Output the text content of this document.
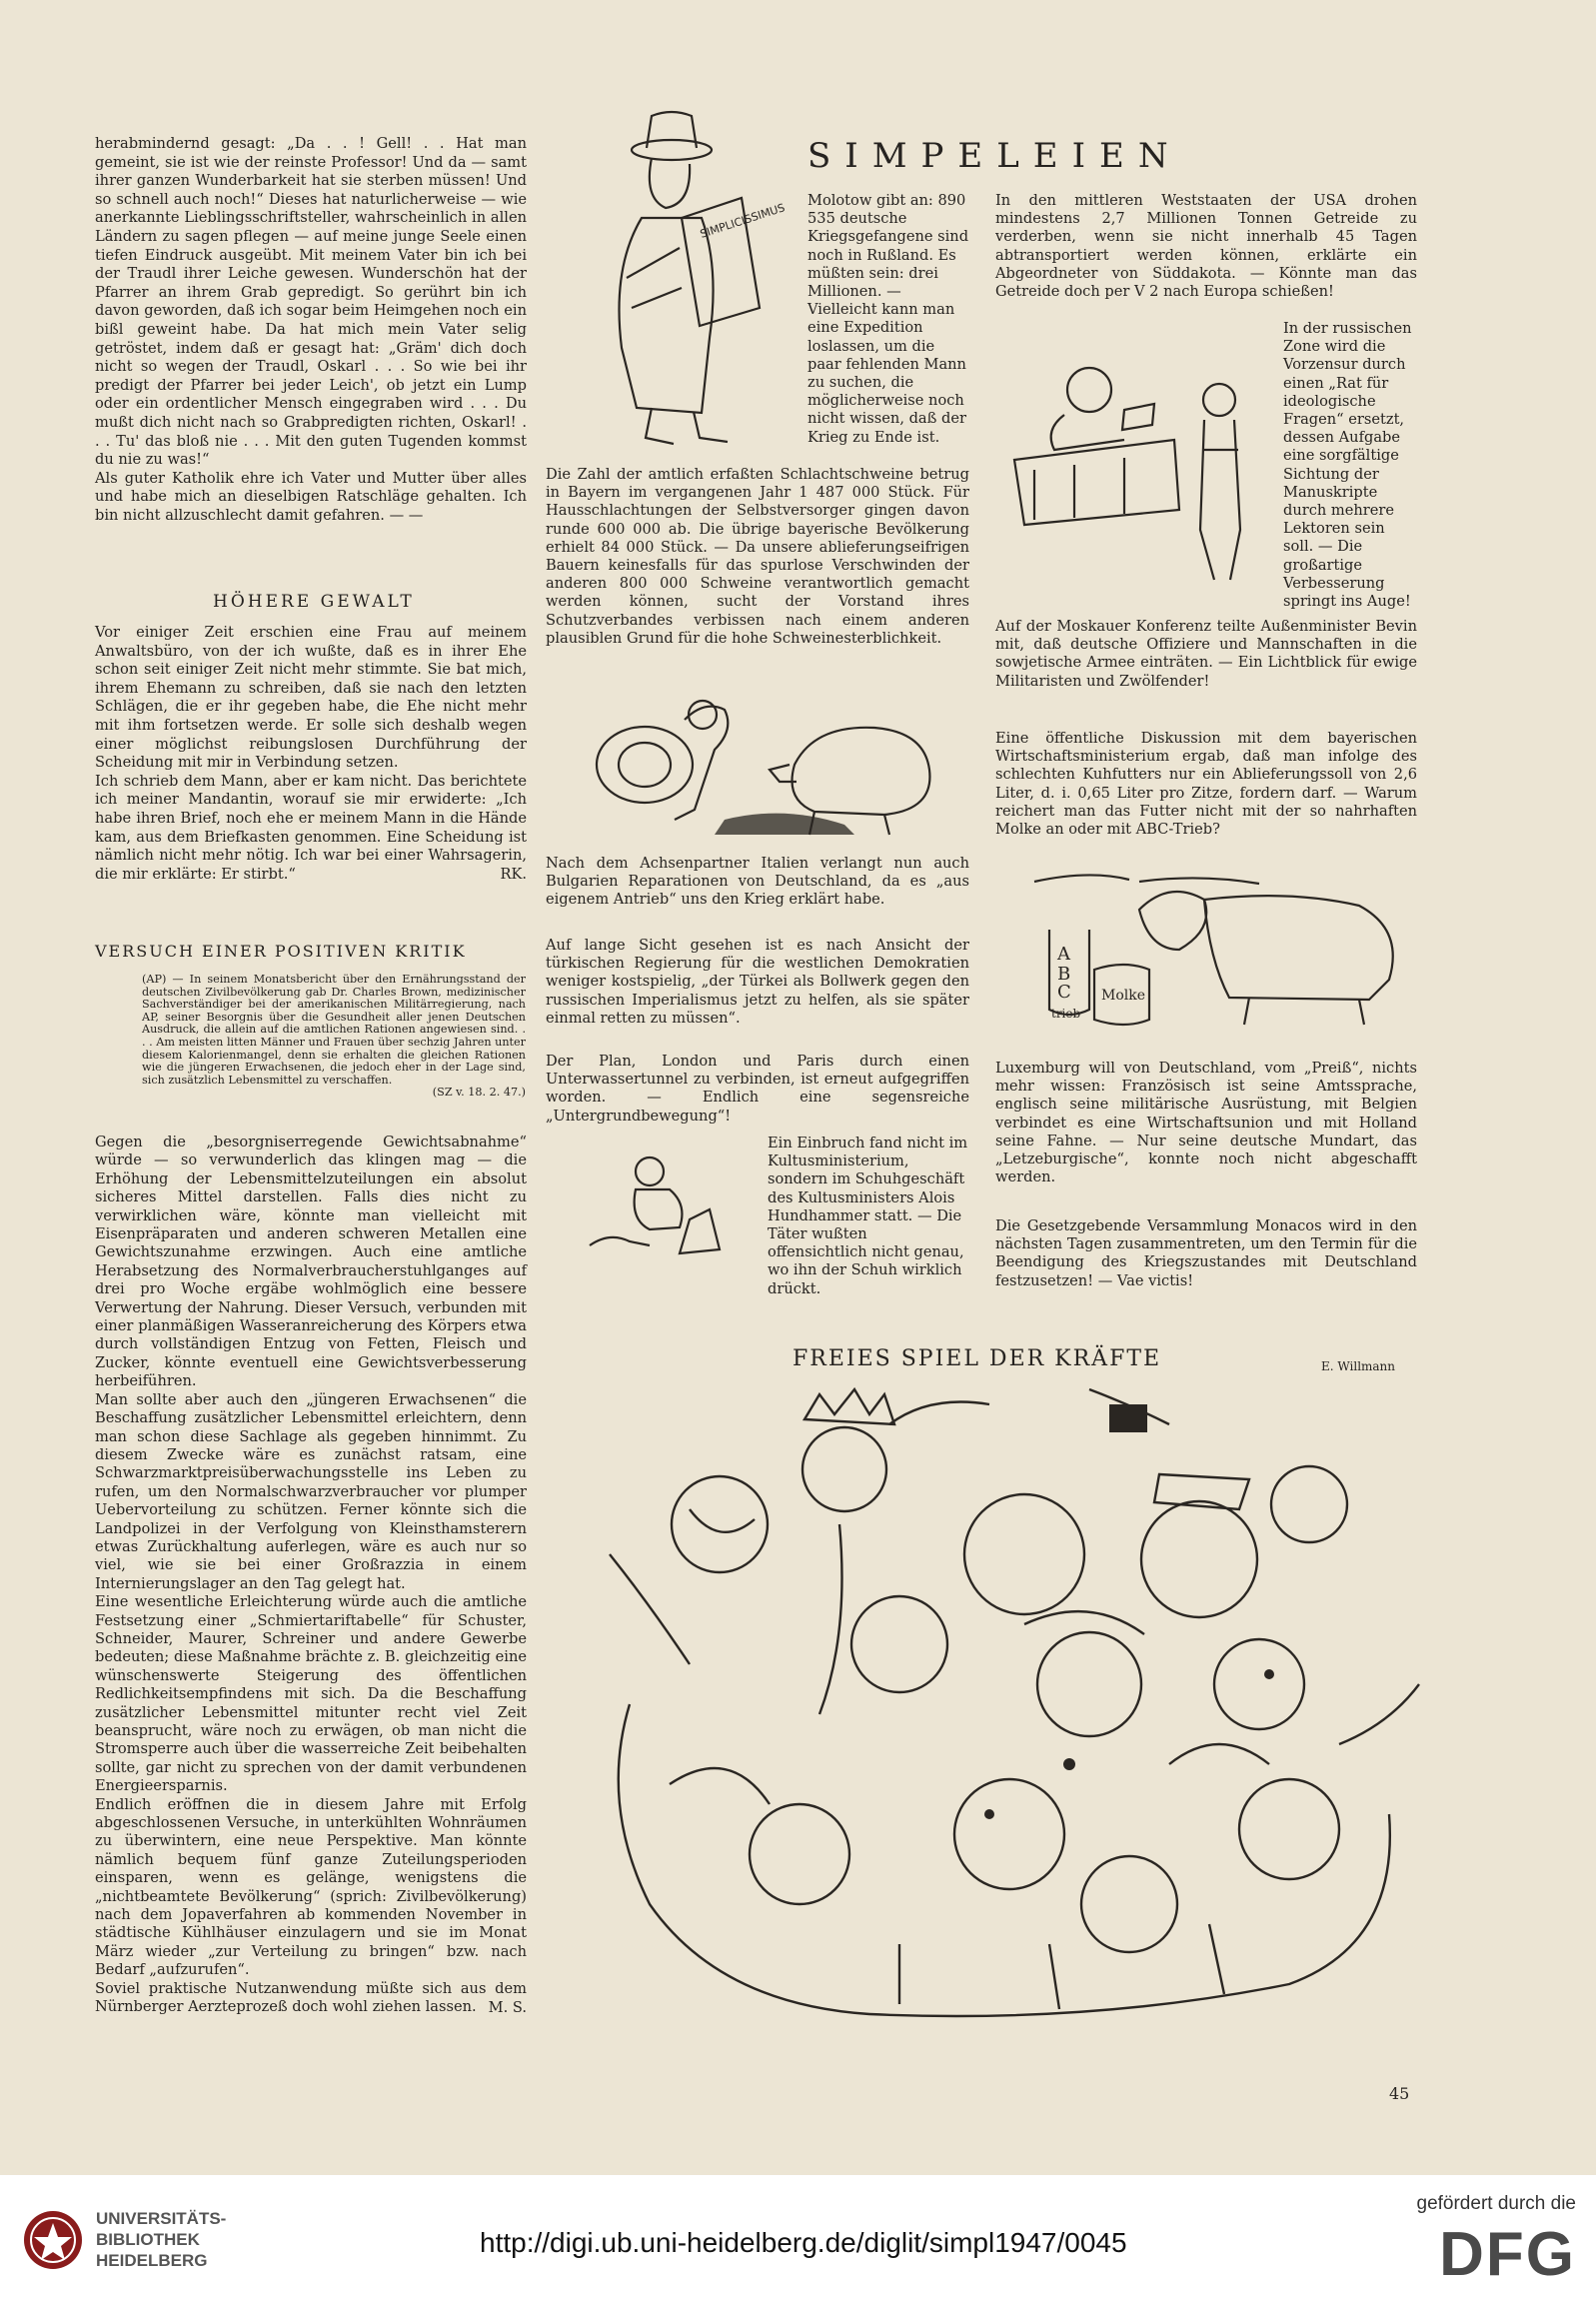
herabmindernd gesagt: „Da . . ! Gell! . . Hat man gemeint, sie ist wie der reinste Professor! Und da — samt ihrer ganzen Wunderbarkeit hat sie sterben müssen! Und so schnell auch noch!“ Dieses hat naturlicherweise — wie anerkannte Lieblingsschriftsteller, wahrscheinlich in allen Ländern zu sagen pflegen — auf meine junge Seele einen tiefen Eindruck ausgeübt. Mit meinem Vater bin ich bei der Traudl ihrer Leiche gewesen. Wunderschön hat der Pfarrer an ihrem Grab gepredigt. So gerührt bin ich davon geworden, daß ich sogar beim Heimgehen noch ein bißl geweint habe. Da hat mich mein Vater selig getröstet, indem daß er gesagt hat: „Gräm' dich doch nicht so wegen der Traudl, Oskarl . . . So wie bei ihr predigt der Pfarrer bei jeder Leich', ob jetzt ein Lump oder ein ordentlicher Mensch eingegraben wird . . . Du mußt dich nicht nach so Grabpredigten richten, Oskarl! . . . Tu' das bloß nie . . . Mit den guten Tugenden kommst du nie zu was!“

Als guter Katholik ehre ich Vater und Mutter über alles und habe mich an dieselbigen Ratschläge gehalten. Ich bin nicht allzuschlecht damit gefahren. — —

HÖHERE GEWALT

Vor einiger Zeit erschien eine Frau auf meinem Anwaltsbüro, von der ich wußte, daß es in ihrer Ehe schon seit einiger Zeit nicht mehr stimmte. Sie bat mich, ihrem Ehemann zu schreiben, daß sie nach den letzten Schlägen, die er ihr gegeben habe, die Ehe nicht mehr mit ihm fortsetzen werde. Er solle sich deshalb wegen einer möglichst reibungslosen Durchführung der Scheidung mit mir in Verbindung setzen.

Ich schrieb dem Mann, aber er kam nicht. Das berichtete ich meiner Mandantin, worauf sie mir erwiderte: „Ich habe ihren Brief, noch ehe er meinem Mann in die Hände kam, aus dem Briefkasten genommen. Eine Scheidung ist nämlich nicht mehr nötig. Ich war bei einer Wahrsagerin, die mir erklärte: Er stirbt.“	RK.
VERSUCH EINER POSITIVEN KRITIK

(AP) — In seinem Monatsbericht über den Ernährungsstand der deutschen Zivilbevölkerung gab Dr. Charles Brown, medizinischer Sachverständiger bei der amerikanischen Militärregierung, nach AP, seiner Besorgnis über die Gesundheit aller jenen Deutschen Ausdruck, die allein auf die amtlichen Rationen angewiesen sind. . . . Am meisten litten Männer und Frauen über sechzig Jahren unter diesem Kalorienmangel, denn sie erhalten die gleichen Rationen wie die jüngeren Erwachsenen, die jedoch eher in der Lage sind, sich zusätzlich Lebensmittel zu verschaffen.

(SZ v. 18. 2. 47.)

Gegen die „besorgniserregende Gewichtsabnahme“ würde — so verwunderlich das klingen mag — die Erhöhung der Lebensmittelzuteilungen ein absolut sicheres Mittel darstellen. Falls dies nicht zu verwirklichen wäre, könnte man vielleicht mit Eisenpräparaten und anderen schweren Metallen eine Gewichtszunahme erzwingen. Auch eine amtliche Herabsetzung des Normalverbraucherstuhlganges auf drei pro Woche ergäbe wohlmöglich eine bessere Verwertung der Nahrung. Dieser Versuch, verbunden mit einer planmäßigen Wasseranreicherung des Körpers etwa durch vollständigen Entzug von Fetten, Fleisch und Zucker, könnte eventuell eine Gewichtsverbesserung herbeiführen.

Man sollte aber auch den „jüngeren Erwachsenen“ die Beschaffung zusätzlicher Lebensmittel erleichtern, denn man schon diese Sachlage als gegeben hinnimmt. Zu diesem Zwecke wäre es zunächst ratsam, eine Schwarzmarktpreisüberwachungsstelle ins Leben zu rufen, um den Normalschwarzverbraucher vor plumper Uebervorteilung zu schützen. Ferner könnte sich die Landpolizei in der Verfolgung von Kleinsthamsterern etwas Zurückhaltung auferlegen, wäre es auch nur so viel, wie sie bei einer Großrazzia in einem Internierungslager an den Tag gelegt hat.

Eine wesentliche Erleichterung würde auch die amtliche Festsetzung einer „Schmiertariftabelle“ für Schuster, Schneider, Maurer, Schreiner und andere Gewerbe bedeuten; diese Maßnahme brächte z. B. gleichzeitig eine wünschenswerte Steigerung des öffentlichen Redlichkeitsempfindens mit sich. Da die Beschaffung zusätzlicher Lebensmittel mitunter recht viel Zeit beansprucht, wäre noch zu erwägen, ob man nicht die Stromsperre auch über die wasserreiche Zeit beibehalten sollte, gar nicht zu sprechen von der damit verbundenen Energieersparnis.

Endlich eröffnen die in diesem Jahre mit Erfolg abgeschlossenen Versuche, in unterkühlten Wohnräumen zu überwintern, eine neue Perspektive. Man könnte nämlich bequem fünf ganze Zuteilungsperioden einsparen, wenn es gelänge, wenigstens die „nichtbeamtete Bevölkerung“ (sprich: Zivilbevölkerung) nach dem Jopaverfahren ab kommenden November in städtische Kühlhäuser einzulagern und sie im Monat März wieder „zur Verteilung zu bringen“ bzw. nach Bedarf „aufzurufen“.

Soviel praktische Nutzanwendung müßte sich aus dem Nürnberger Aerzteprozeß doch wohl ziehen lassen. M. S.
SIMPELEIEN
SIMPLICISSIMUS

Molotow gibt an: 890 535 deutsche Kriegsgefangene sind noch in Rußland. Es müßten sein: drei Millionen. — Vielleicht kann man eine Expedition loslassen, um die paar fehlenden Mann zu suchen, die möglicherweise noch nicht wissen, daß der Krieg zu Ende ist.

Die Zahl der amtlich erfaßten Schlachtschweine betrug in Bayern im vergangenen Jahr 1 487 000 Stück. Für Hausschlachtungen der Selbstversorger gingen davon runde 600 000 ab. Die übrige bayerische Bevölkerung erhielt 84 000 Stück. — Da unsere ablieferungseifrigen Bauern keinesfalls für das spurlose Verschwinden der anderen 800 000 Schweine verantwortlich gemacht werden können, sucht der Vorstand ihres Schutzverbandes verbissen nach einem anderen plausiblen Grund für die hohe Schweinesterblichkeit.

Nach dem Achsenpartner Italien verlangt nun auch Bulgarien Reparationen von Deutschland, da es „aus eigenem Antrieb“ uns den Krieg erklärt habe.

Auf lange Sicht gesehen ist es nach Ansicht der türkischen Regierung für die westlichen Demokratien weniger kostspielig, „der Türkei als Bollwerk gegen den russischen Imperialismus jetzt zu helfen, als sie später einmal retten zu müssen“.

Der Plan, London und Paris durch einen Unterwassertunnel zu verbinden, ist erneut aufgegriffen worden. — Endlich eine segensreiche „Untergrundbewegung“!

Ein Einbruch fand nicht im Kultusministerium, sondern im Schuhgeschäft des Kultusministers Alois Hundhammer statt. — Die Täter wußten offensichtlich nicht genau, wo ihn der Schuh wirklich drückt.

In den mittleren Weststaaten der USA drohen mindestens 2,7 Millionen Tonnen Getreide zu verderben, wenn sie nicht innerhalb 45 Tagen abtransportiert werden können, erklärte ein Abgeordneter von Süddakota. — Könnte man das Getreide doch per V 2 nach Europa schießen!

In der russischen Zone wird die Vorzensur durch einen „Rat für ideologische Fragen“ ersetzt, dessen Aufgabe eine sorgfältige Sichtung der Manuskripte durch mehrere Lektoren sein soll. — Die großartige Verbesserung springt ins Auge!

Auf der Moskauer Konferenz teilte Außenminister Bevin mit, daß deutsche Offiziere und Mannschaften in die sowjetische Armee einträten. — Ein Lichtblick für ewige Militaristen und Zwölfender!

Eine öffentliche Diskussion mit dem bayerischen Wirtschaftsministerium ergab, daß man infolge des schlechten Kuhfutters nur ein Ablieferungssoll von 2,6 Liter, d. i. 0,65 Liter pro Zitze, fordern darf. — Warum reichert man das Futter nicht mit der so nahrhaften Molke an oder mit ABC-Trieb?

A
B
C
trieb
Molke

Luxemburg will von Deutschland, vom „Preiß“, nichts mehr wissen: Französisch ist seine Amtssprache, englisch seine militärische Ausrüstung, mit Belgien verbindet es eine Wirtschaftsunion und mit Holland seine Fahne. — Nur seine deutsche Mundart, das „Letzeburgische“, konnte noch nicht abgeschafft werden.

Die Gesetzgebende Versammlung Monacos wird in den nächsten Tagen zusammentreten, um den Termin für die Beendigung des Kriegszustandes mit Deutschland festzusetzen! — Vae victis!

FREIES SPIEL DER KRÄFTE	E. Willmann
45
UNIVERSITÄTS-
BIBLIOTHEK
HEIDELBERG
http://digi.ub.uni-heidelberg.de/diglit/simpl1947/0045
gefördert durch die
DFG
